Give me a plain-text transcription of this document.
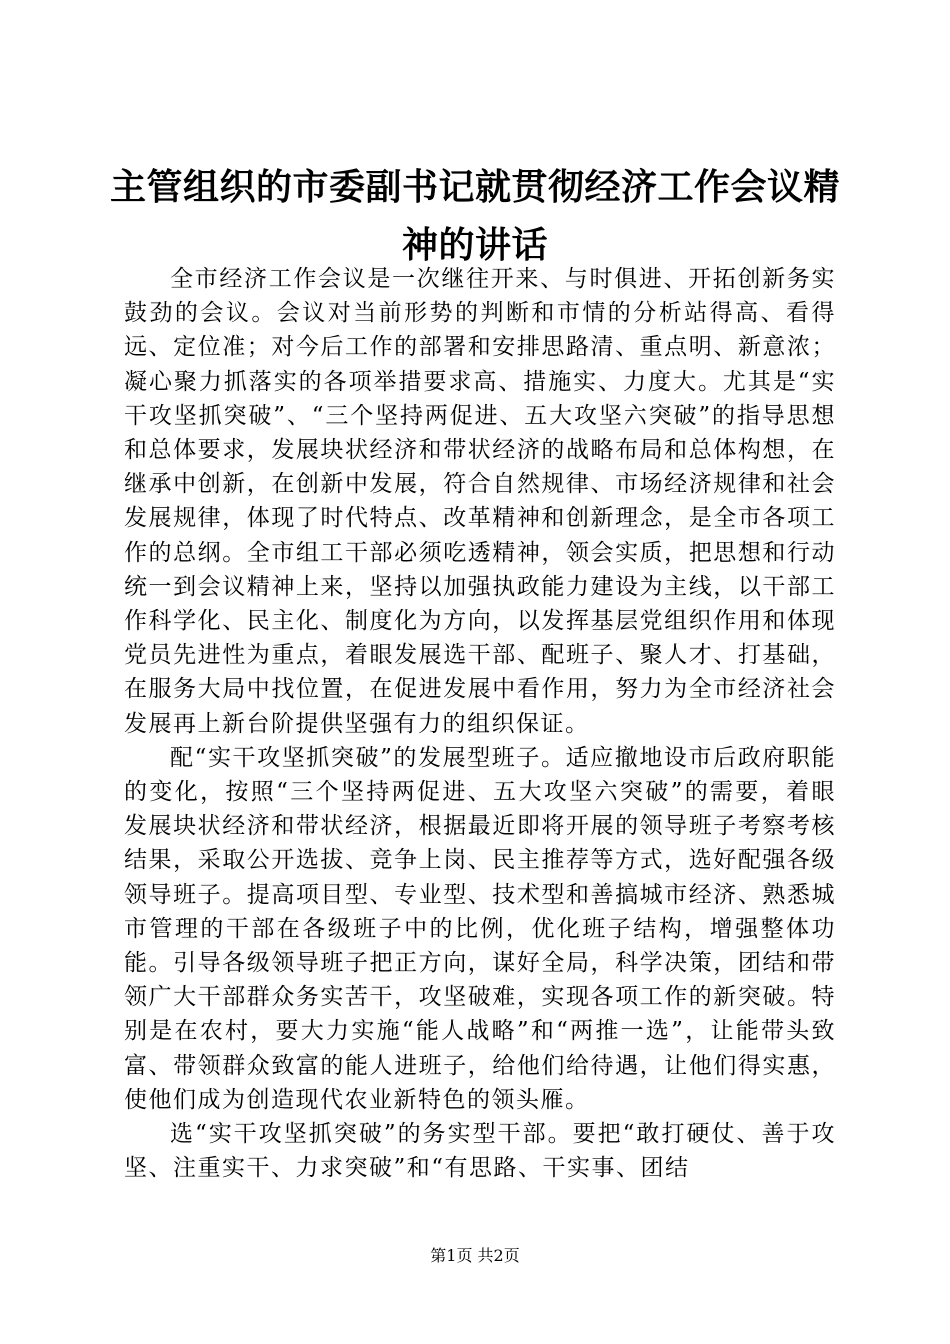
主管组织的市委副书记就贯彻经济工作会议精神的讲话

全市经济工作会议是一次继往开来、与时俱进、开拓创新务实鼓劲的会议。会议对当前形势的判断和市情的分析站得高、看得远、定位准；对今后工作的部署和安排思路清、重点明、新意浓；凝心聚力抓落实的各项举措要求高、措施实、力度大。尤其是“实干攻坚抓突破”、“三个坚持两促进、五大攻坚六突破”的指导思想和总体要求，发展块状经济和带状经济的战略布局和总体构想，在继承中创新，在创新中发展，符合自然规律、市场经济规律和社会发展规律，体现了时代特点、改革精神和创新理念，是全市各项工作的总纲。全市组工干部必须吃透精神，领会实质，把思想和行动统一到会议精神上来，坚持以加强执政能力建设为主线，以干部工作科学化、民主化、制度化为方向，以发挥基层党组织作用和体现党员先进性为重点，着眼发展选干部、配班子、聚人才、打基础，在服务大局中找位置，在促进发展中看作用，努力为全市经济社会发展再上新台阶提供坚强有力的组织保证。

配“实干攻坚抓突破”的发展型班子。适应撤地设市后政府职能的变化，按照“三个坚持两促进、五大攻坚六突破”的需要，着眼发展块状经济和带状经济，根据最近即将开展的领导班子考察考核结果，采取公开选拔、竞争上岗、民主推荐等方式，选好配强各级领导班子。提高项目型、专业型、技术型和善搞城市经济、熟悉城市管理的干部在各级班子中的比例，优化班子结构，增强整体功能。引导各级领导班子把正方向，谋好全局，科学决策，团结和带领广大干部群众务实苦干，攻坚破难，实现各项工作的新突破。特别是在农村，要大力实施“能人战略”和“两推一选”，让能带头致富、带领群众致富的能人进班子，给他们给待遇，让他们得实惠，使他们成为创造现代农业新特色的领头雁。

选“实干攻坚抓突破”的务实型干部。要把“敢打硬仗、善于攻坚、注重实干、力求突破”和“有思路、干实事、团结

第1页 共2页
